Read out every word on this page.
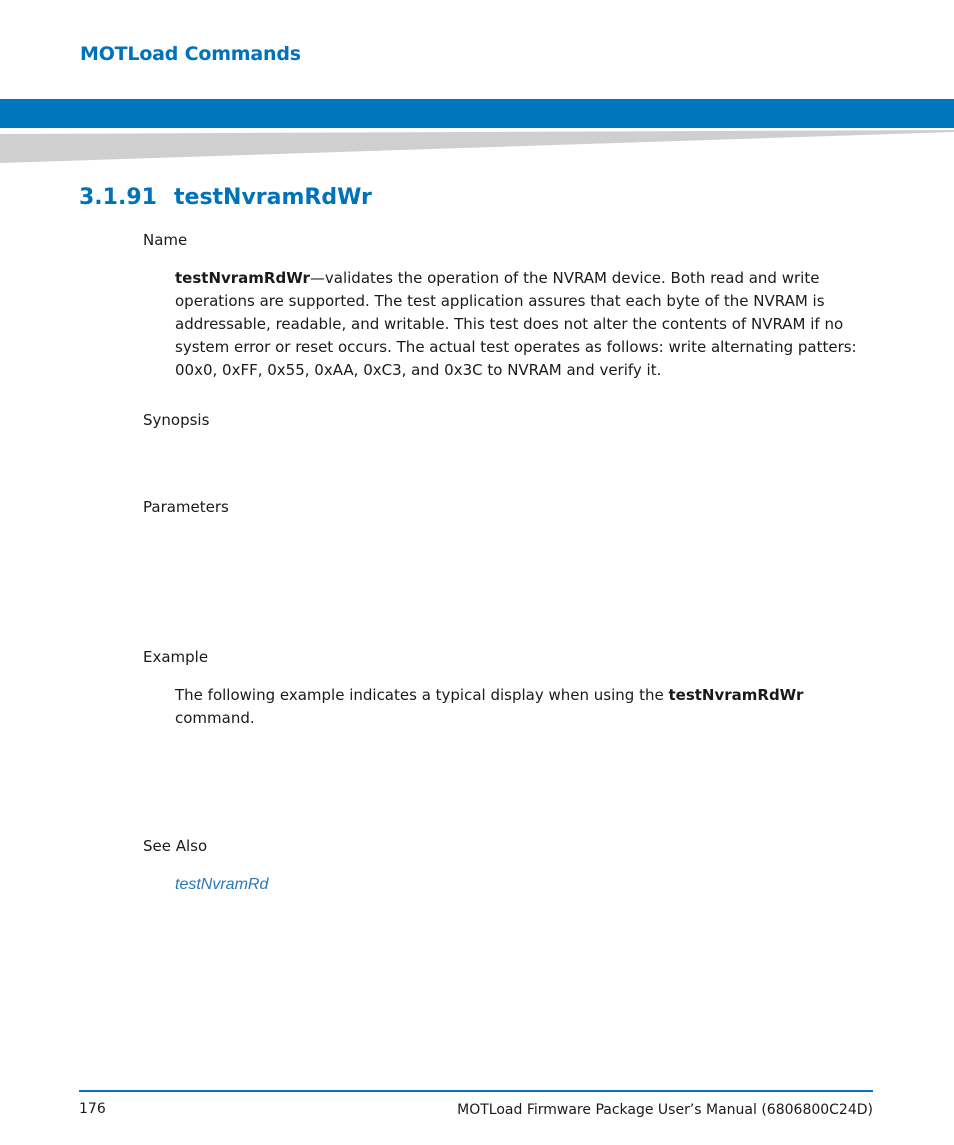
MOTLoad Commands
3.1.91 testNvramRdWr
Name

testNvramRdWr—validates the operation of the NVRAM device. Both read and write operations are supported. The test application assures that each byte of the NVRAM is addressable, readable, and writable. This test does not alter the contents of NVRAM if no system error or reset occurs. The actual test operates as follows: write alternating patters: 00x0, 0xFF, 0x55, 0xAA, 0xC3, and 0x3C to NVRAM and verify it.

Synopsis
Parameters
Example

The following example indicates a typical display when using the testNvramRdWr command.

See Also
testNvramRd
176	MOTLoad Firmware Package User’s Manual (6806800C24D)
